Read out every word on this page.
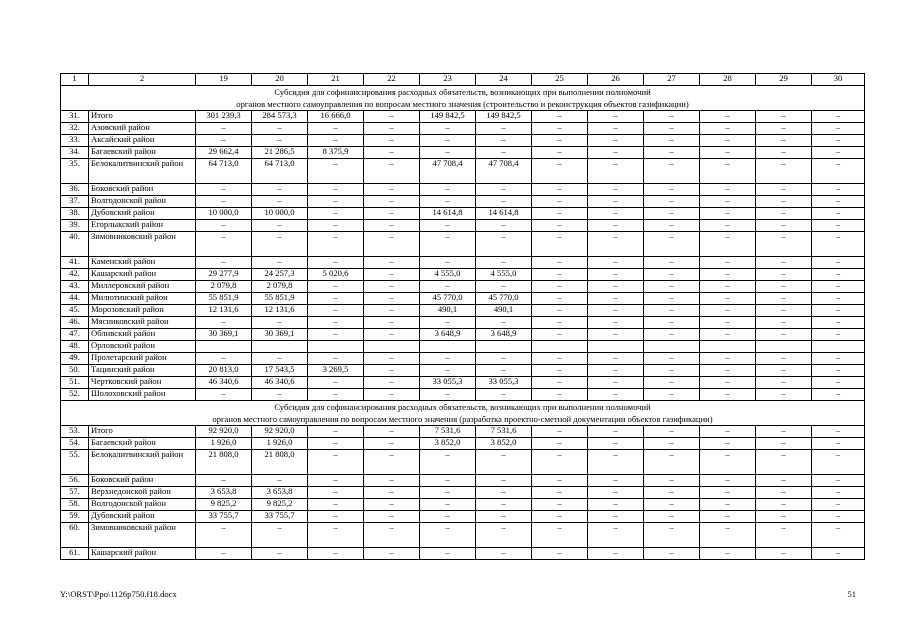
1	2	19	20	21	22	23	24	25	26	27	28	29	30

Субсидия для софинансирования расходных обязательств, возникающих при выполнении полномочий
органов местного самоуправления по вопросам местного значения (строительство и реконструкция объектов газификации)													

31.	Итого	301 239,3	284 573,3	16 666,0	–	149 842,5	149 842,5	–	–	–	–	–	–
32.	Азовский район	–	–	–	–	–	–	–	–	–	–	–	–
33.	Аксайский район	–	–	–	–	–	–	–	–	–	–	–	–
34.	Багаевский район	29 662,4	21 286,5	8 375,9	–	–	–	–	–	–	–	–	–
35.	Белокалитвинский район	64 713,0	64 713,0	–	–	47 708,4	47 708,4	–	–	–	–	–	–
36.	Боковский район	–	–	–	–	–	–	–	–	–	–	–	–
37.	Волгодонской район	–	–	–	–	–	–	–	–	–	–	–	–
38.	Дубовский район	10 000,0	10 000,0	–	–	14 614,8	14 614,8	–	–	–	–	–	–
39.	Егорлыкский район	–	–	–	–	–	–	–	–	–	–	–	–
40.	Зимовниковский район	–	–	–	–	–	–	–	–	–	–	–	–
41.	Каменский район	–	–	–	–	–	–	–	–	–	–	–	–
42.	Кашарский район	29 277,9	24 257,3	5 020,6	–	4 555,0	4 555,0	–	–	–	–	–	–
43.	Миллеровский район	2 079,8	2 079,8	–	–	–	–	–	–	–	–	–	–
44.	Милютинский район	55 851,9	55 851,9	–	–	45 770,0	45 770,0	–	–	–	–	–	–
45.	Морозовский район	12 131,6	12 131,6	–	–	490,1	490,1	–	–	–	–	–	–
46.	Мясниковский район	–	–	–	–	–	–	–	–	–	–	–	–
47.	Обливский район	30 369,1	30 369,1	–	–	3 648,9	3 648,9	–	–	–	–	–	–
48.	Орловский район												
49.	Пролетарский район	–	–	–	–	–	–	–	–	–	–	–	–
50.	Тацинский район	20 813,0	17 543,5	3 269,5	–	–	–	–	–	–	–	–	–
51.	Чертковский район	46 340,6	46 340,6	–	–	33 055,3	33 055,3	–	–	–	–	–	–
52.	Шолоховский район	–	–	–	–	–	–	–	–	–	–	–	–

Субсидия для софинансирования расходных обязательств, возникающих при выполнении полномочий
органов местного самоуправления по вопросам местного значения (разработка проектно-сметной документации объектов газификации)													

53.	Итого	92 920,0	92 920,0	–	–	7 531,6	7 531,6	–	–	–	–	–	–
54.	Багаевский район	1 926,0	1 926,0	–	–	3 852,0	3 852,0	–	–	–	–	–	–
55.	Белокалитвинский район	21 808,0	21 808,0	–	–	–	–	–	–	–	–	–	–
56.	Боковский район	–	–	–	–	–	–	–	–	–	–	–	–
57.	Верхнедонской район	3 653,8	3 653,8	–	–	–	–	–	–	–	–	–	–
58.	Волгодонской район	9 825,2	9 825,2	–	–	–	–	–	–	–	–	–	–
59.	Дубовский район	33 755,7	33 755,7	–	–	–	–	–	–	–	–	–	–
60.	Зимовниковский район	–	–	–	–	–	–	–	–	–	–	–	–
61.	Кашарский район	–	–	–	–	–	–	–	–	–	–	–	–
Y:\ORST\Ppo\1126p750.f18.docx	51
